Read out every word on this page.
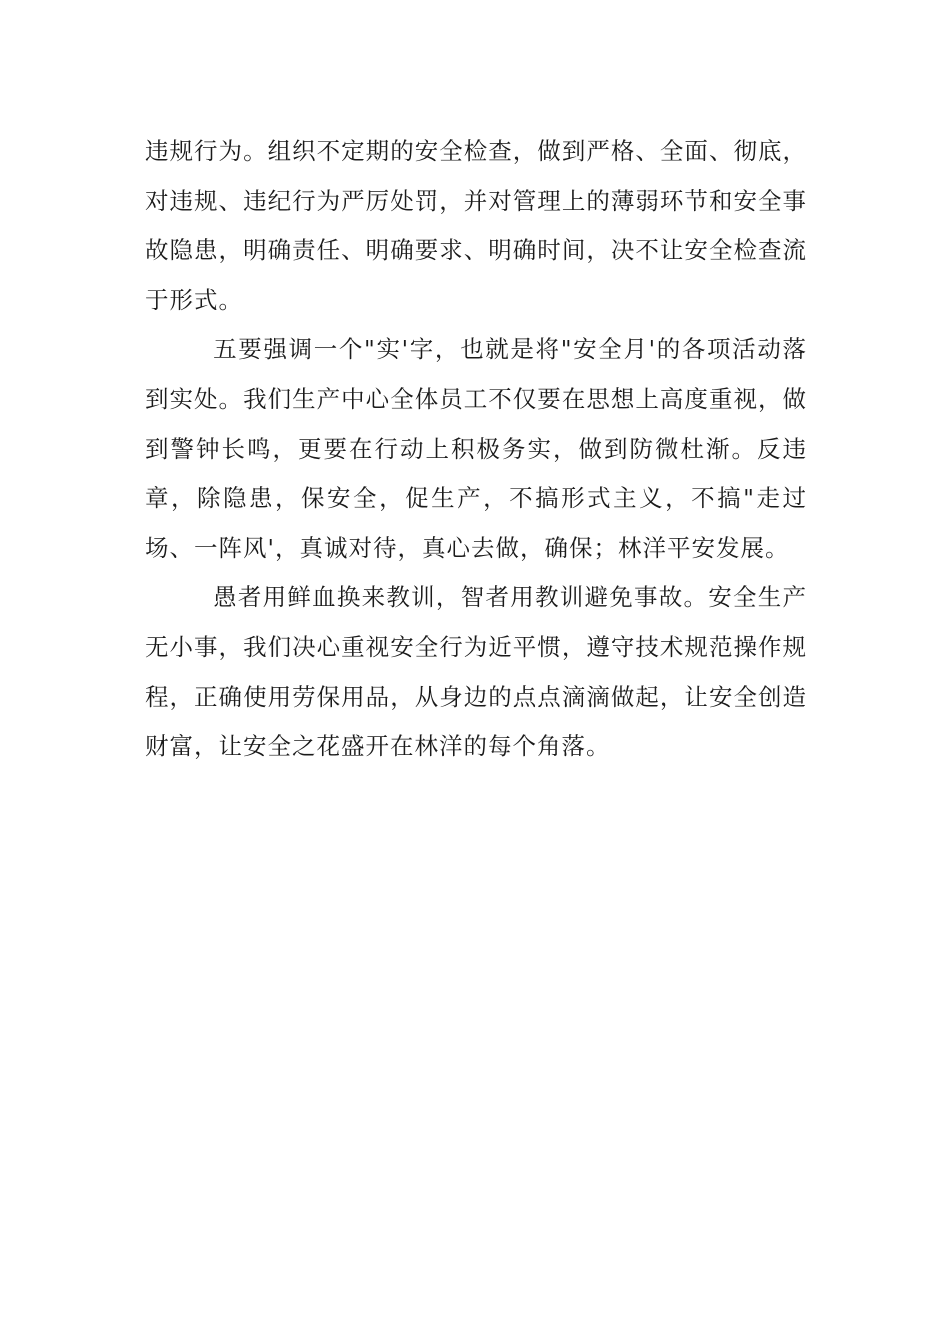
违规行为。组织不定期的安全检查，做到严格、全面、彻底，对违规、违纪行为严厉处罚，并对管理上的薄弱环节和安全事故隐患，明确责任、明确要求、明确时间，决不让安全检查流于形式。

五要强调一个"实'字，也就是将"安全月'的各项活动落到实处。我们生产中心全体员工不仅要在思想上高度重视，做到警钟长鸣，更要在行动上积极务实，做到防微杜渐。反违章，除隐患，保安全，促生产，不搞形式主义，不搞"走过场、一阵风'，真诚对待，真心去做，确保；林洋平安发展。

愚者用鲜血换来教训，智者用教训避免事故。安全生产无小事，我们决心重视安全行为近平惯，遵守技术规范操作规程，正确使用劳保用品，从身边的点点滴滴做起，让安全创造财富，让安全之花盛开在林洋的每个角落。
